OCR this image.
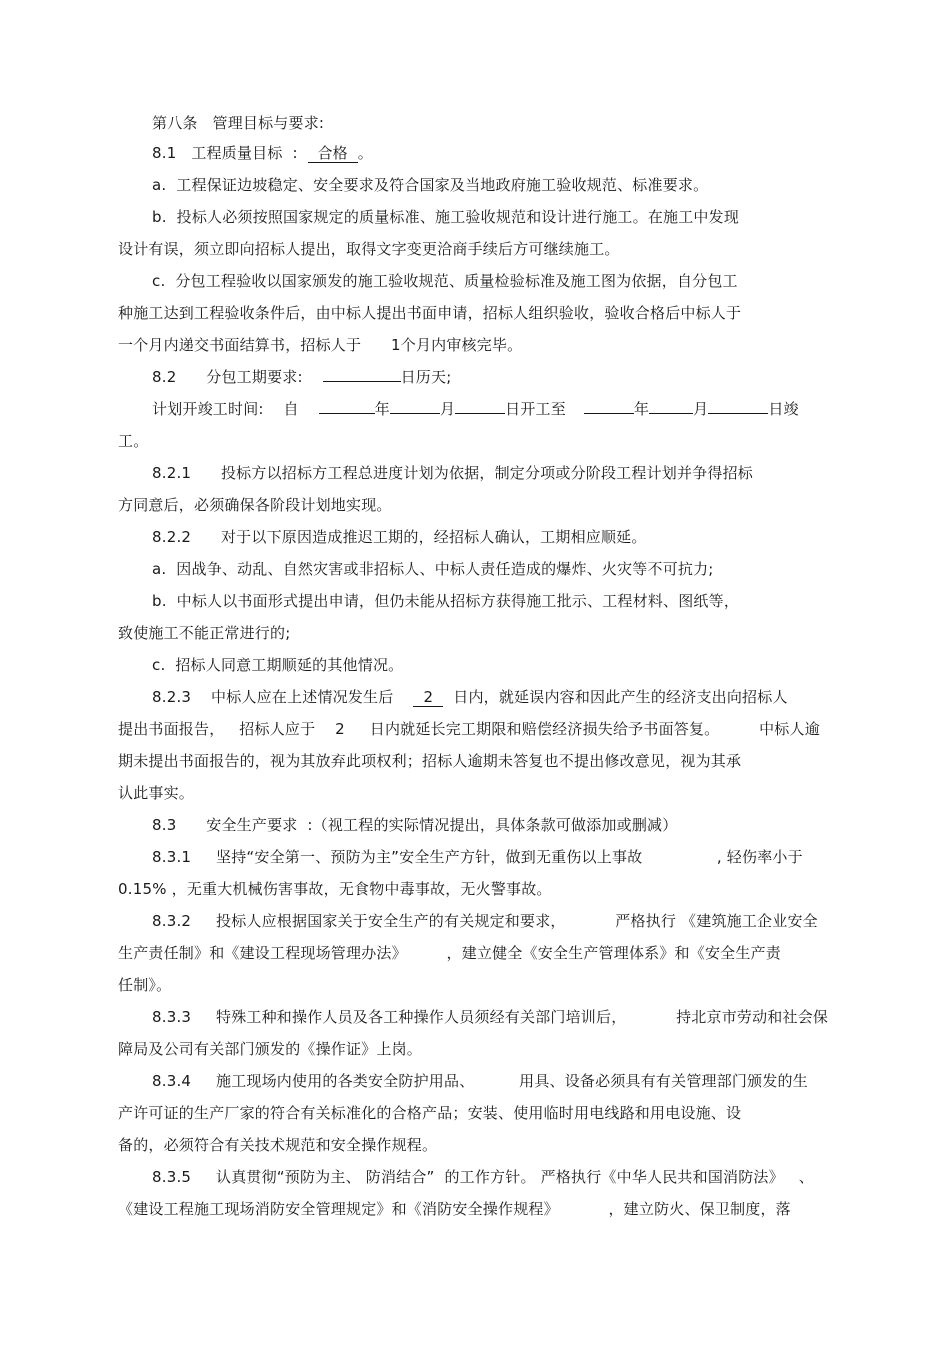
第八条   管理目标与要求:
8.1   工程质量目标  :  合格 。
a.  工程保证边坡稳定、安全要求及符合国家及当地政府施工验收规范、标准要求。
b.  投标人必须按照国家规定的质量标准、施工验收规范和设计进行施工。在施工中发现
设计有误，须立即向招标人提出，取得文字变更洽商手续后方可继续施工。
c.  分包工程验收以国家颁发的施工验收规范、质量检验标准及施工图为依据，自分包工
种施工达到工程验收条件后，由中标人提出书面申请，招标人组织验收，验收合格后中标人于
一个月内递交书面结算书，招标人于      1个月内审核完毕。
8.2      分包工期要求:	日历天;
计划开竣工时间:    自	年	月	日开工至	年	月	日竣
工。
8.2.1      投标方以招标方工程总进度计划为依据，制定分项或分阶段工程计划并争得招标
方同意后，必须确保各阶段计划地实现。
8.2.2      对于以下原因造成推迟工期的，经招标人确认，工期相应顺延。
a.  因战争、动乱、自然灾害或非招标人、中标人责任造成的爆炸、火灾等不可抗力;
b.  中标人以书面形式提出申请，但仍未能从招标方获得施工批示、工程材料、图纸等，
致使施工不能正常进行的;
c.  招标人同意工期顺延的其他情况。
8.2.3    中标人应在上述情况发生后    2 日内，就延误内容和因此产生的经济支出向招标人
提出书面报告，   招标人应于    2     日内就延长完工期限和赔偿经济损失给予书面答复。        中标人逾
期未提出书面报告的，视为其放弃此项权利；招标人逾期未答复也不提出修改意见，视为其承
认此事实。
8.3      安全生产要求  :（视工程的实际情况提出，具体条款可做添加或删减）
8.3.1     坚持“安全第一、预防为主”安全生产方针，做到无重伤以上事故               , 轻伤率小于
0.15% ，无重大机械伤害事故，无食物中毒事故，无火警事故。
8.3.2     投标人应根据国家关于安全生产的有关规定和要求，          严格执行 《建筑施工企业安全
生产责任制》和《建设工程现场管理办法》        ，建立健全《安全生产管理体系》和《安全生产责
任制》。
8.3.3     特殊工种和操作人员及各工种操作人员须经有关部门培训后，          持北京市劳动和社会保
障局及公司有关部门颁发的《操作证》上岗。
8.3.4     施工现场内使用的各类安全防护用品、         用具、设备必须具有有关管理部门颁发的生
产许可证的生产厂家的符合有关标准化的合格产品；安装、使用临时用电线路和用电设施、设
备的，必须符合有关技术规范和安全操作规程。
8.3.5     认真贯彻“预防为主、 防消结合”  的工作方针。 严格执行《中华人民共和国消防法》   、
《建设工程施工现场消防安全管理规定》和《消防安全操作规程》          ，建立防火、保卫制度，落
